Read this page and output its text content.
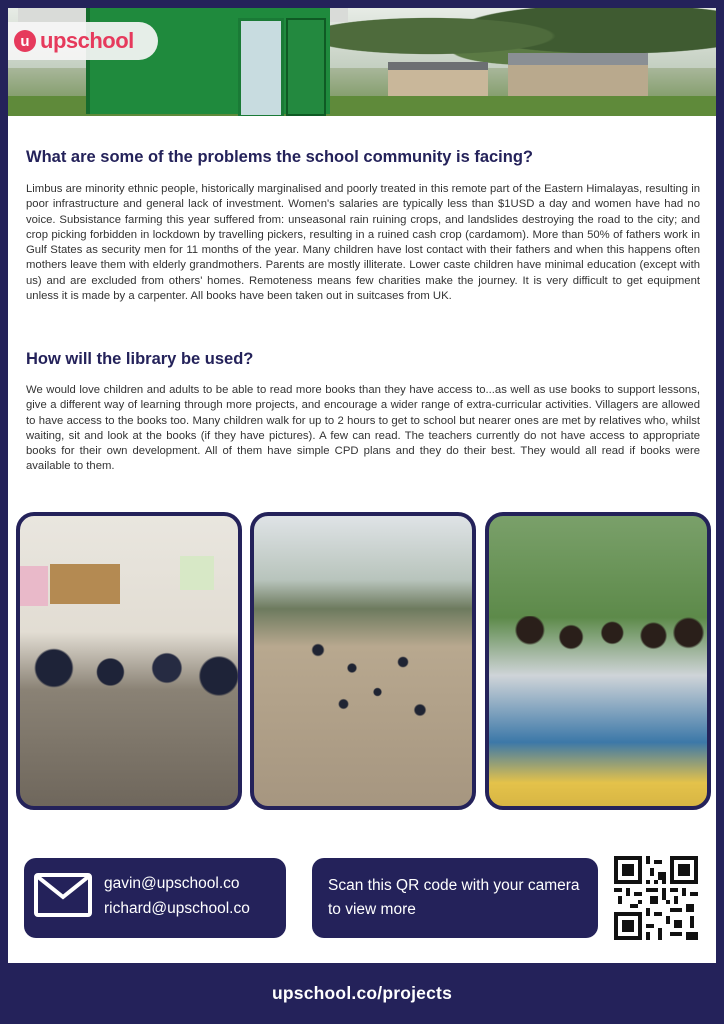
u upschool
What are some of the problems the school community is facing?

Limbus are minority ethnic people, historically marginalised and poorly treated in this remote part of the Eastern Himalayas, resulting in poor infrastructure and general lack of investment. Women's salaries are typically less than $1USD a day and women have had no voice. Subsistance farming this year suffered from: unseasonal rain ruining crops, and landslides destroying the road to the city; and crop picking forbidden in lockdown by travelling pickers, resulting in a ruined cash crop (cardamom). More than 50% of fathers work in Gulf States as security men for 11 months of the year. Many children have lost contact with their fathers and when this happens often mothers leave them with elderly grandmothers. Parents are mostly illiterate. Lower caste children have minimal education (except with us) and are excluded from others' homes. Remoteness means few charities make the journey. It is very difficult to get equipment unless it is made by a carpenter. All books have been taken out in suitcases from UK.

How will the library be used?

We would love children and adults to be able to read more books than they have access to...as well as use books to support lessons, give a different way of learning through more projects, and encourage a wider range of extra-curricular activities. Villagers are allowed to have access to the books too. Many children walk for up to 2 hours to get to school but nearer ones are met by relatives who, whilst waiting, sit and look at the books (if they have pictures). A few can read. The teachers currently do not have access to appropriate books for their own development. All of them have simple CPD plans and they do their best. They would all read if books were available to them.

gavin@upschool.co
richard@upschool.co
Scan this QR code with your camera to view more
upschool.co/projects
